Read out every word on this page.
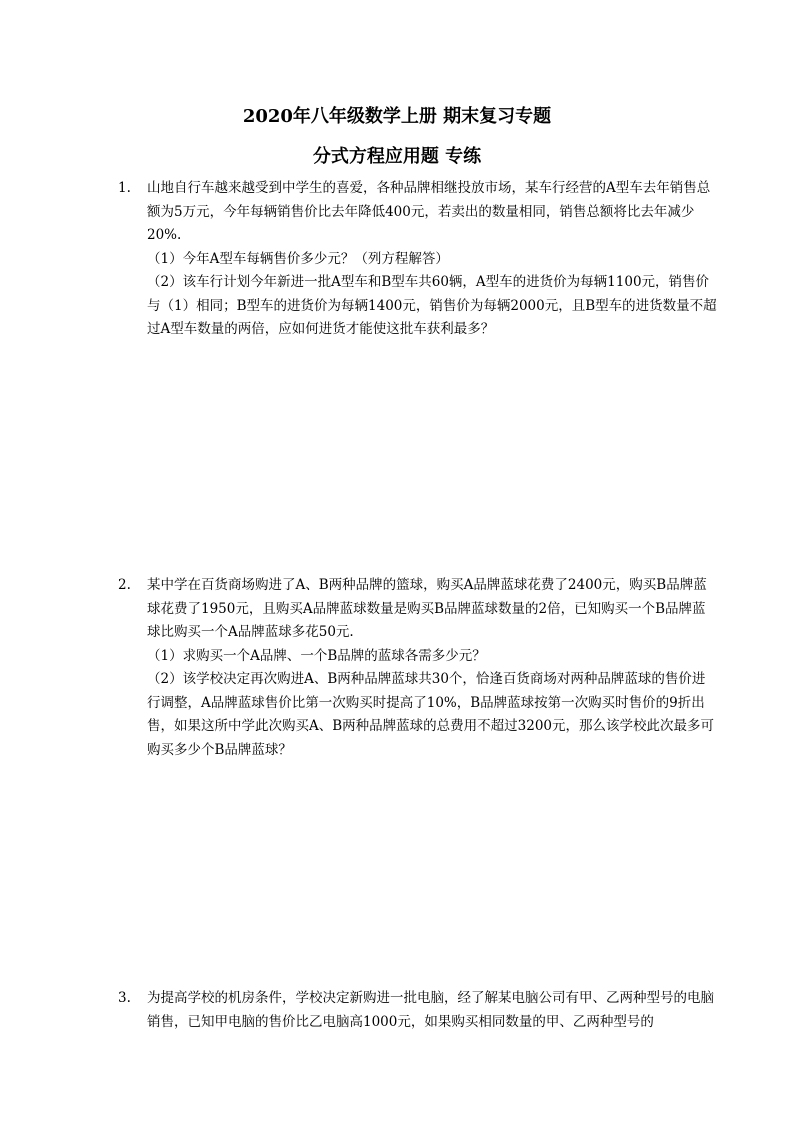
2020年八年级数学上册 期末复习专题
分式方程应用题 专练

1. 山地自行车越来越受到中学生的喜爱，各种品牌相继投放市场，某车行经营的A型车去年销售总额为5万元，今年每辆销售价比去年降低400元，若卖出的数量相同，销售总额将比去年减少20%.

（1）今年A型车每辆售价多少元？（列方程解答）

（2）该车行计划今年新进一批A型车和B型车共60辆，A型车的进货价为每辆1100元，销售价与（1）相同；B型车的进货价为每辆1400元，销售价为每辆2000元，且B型车的进货数量不超过A型车数量的两倍，应如何进货才能使这批车获利最多？

2. 某中学在百货商场购进了A、B两种品牌的篮球，购买A品牌蓝球花费了2400元，购买B品牌蓝球花费了1950元，且购买A品牌蓝球数量是购买B品牌蓝球数量的2倍，已知购买一个B品牌蓝球比购买一个A品牌蓝球多花50元.

（1）求购买一个A品牌、一个B品牌的蓝球各需多少元？

（2）该学校决定再次购进A、B两种品牌蓝球共30个，恰逢百货商场对两种品牌蓝球的售价进行调整，A品牌蓝球售价比第一次购买时提高了10%，B品牌蓝球按第一次购买时售价的9折出售，如果这所中学此次购买A、B两种品牌蓝球的总费用不超过3200元，那么该学校此次最多可购买多少个B品牌蓝球？

3. 为提高学校的机房条件，学校决定新购进一批电脑，经了解某电脑公司有甲、乙两种型号的电脑销售，已知甲电脑的售价比乙电脑高1000元，如果购买相同数量的甲、乙两种型号的
